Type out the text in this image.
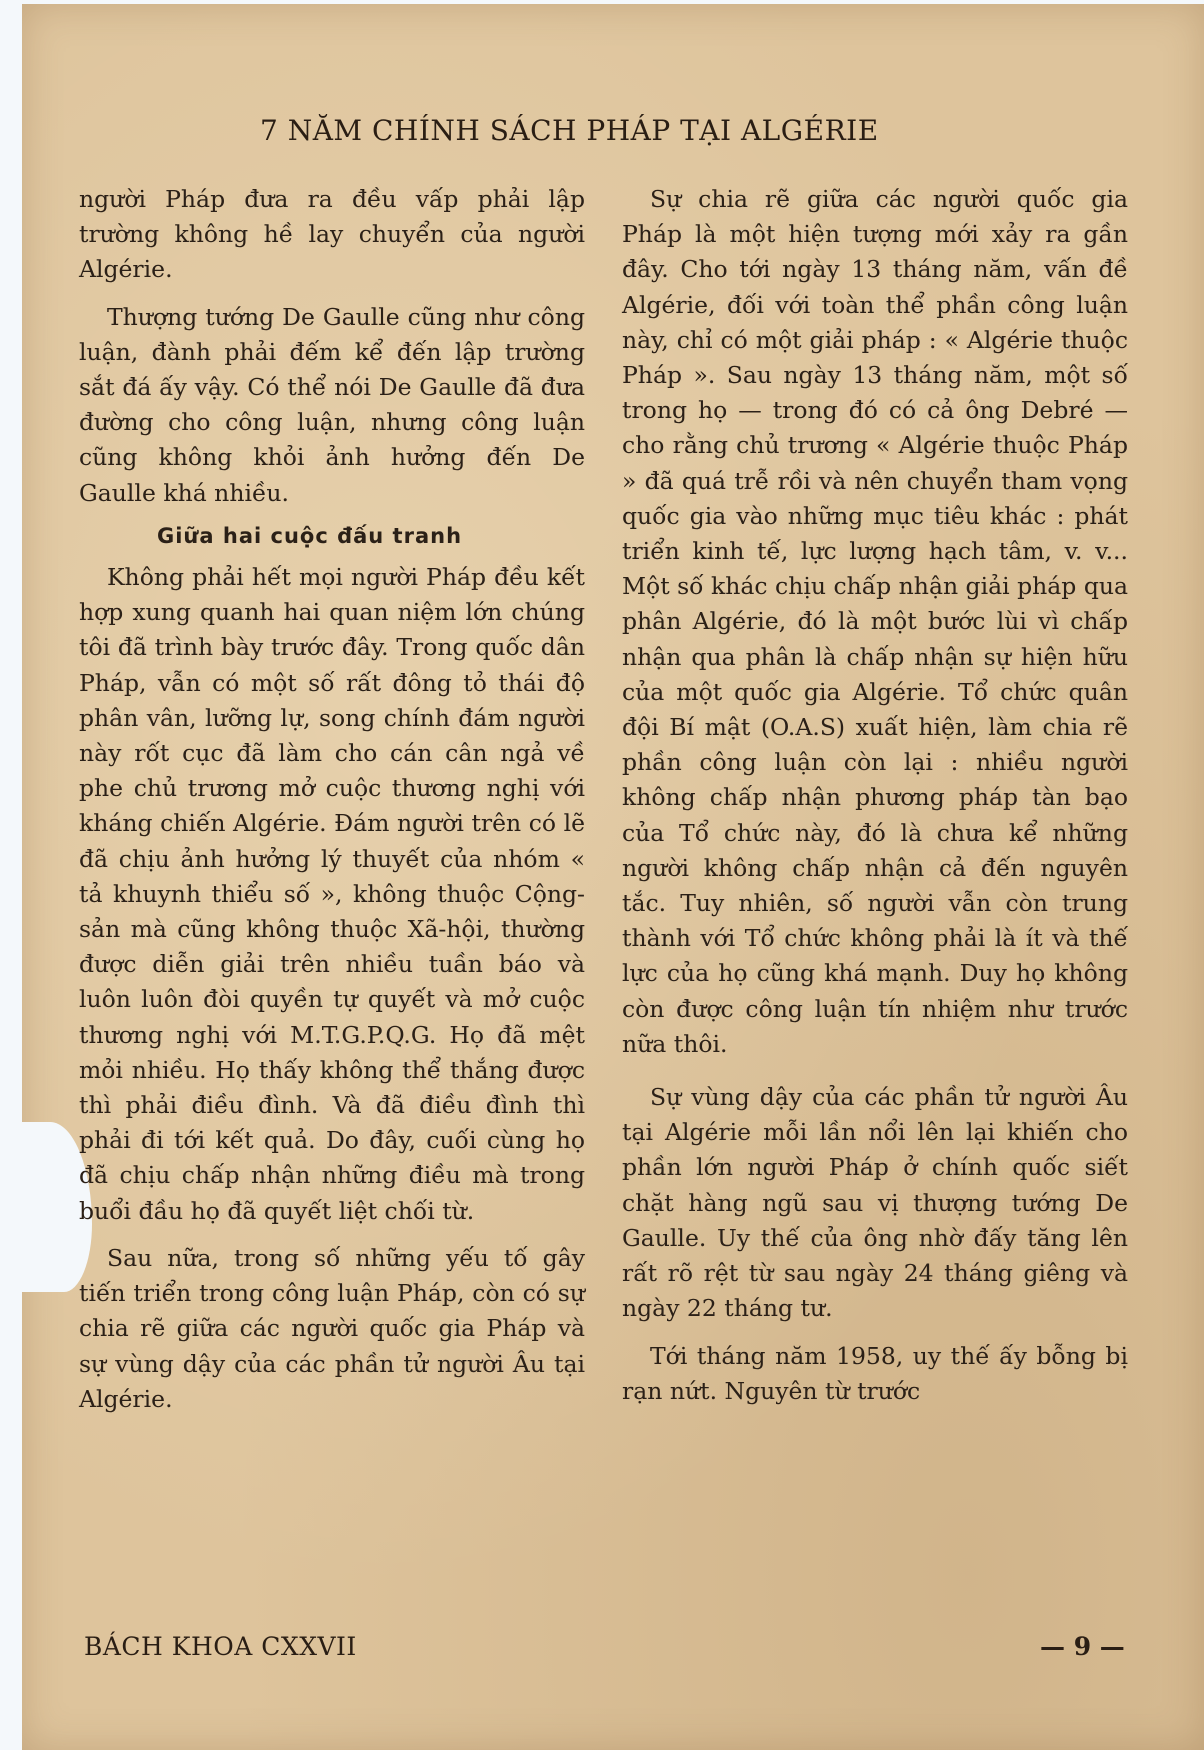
7 NĂM CHÍNH SÁCH PHÁP TẠI ALGÉRIE

người Pháp đưa ra đều vấp phải lập trường không hề lay chuyển của người Algérie.

Thượng tướng De Gaulle cũng như công luận, đành phải đếm kể đến lập trường sắt đá ấy vậy. Có thể nói De Gaulle đã đưa đường cho công luận, nhưng công luận cũng không khỏi ảnh hưởng đến De Gaulle khá nhiều.

Giữa hai cuộc đấu tranh

Không phải hết mọi người Pháp đều kết hợp xung quanh hai quan niệm lớn chúng tôi đã trình bày trước đây. Trong quốc dân Pháp, vẫn có một số rất đông tỏ thái độ phân vân, lưỡng lự, song chính đám người này rốt cục đã làm cho cán cân ngả về phe chủ trương mở cuộc thương nghị với kháng chiến Algérie. Đám người trên có lẽ đã chịu ảnh hưởng lý thuyết của nhóm « tả khuynh thiểu số », không thuộc Cộng-sản mà cũng không thuộc Xã-hội, thường được diễn giải trên nhiều tuần báo và luôn luôn đòi quyền tự quyết và mở cuộc thương nghị với M.T.G.P.Q.G. Họ đã mệt mỏi nhiều. Họ thấy không thể thắng được thì phải điều đình. Và đã điều đình thì phải đi tới kết quả. Do đây, cuối cùng họ đã chịu chấp nhận những điều mà trong buổi đầu họ đã quyết liệt chối từ.

Sau nữa, trong số những yếu tố gây tiến triển trong công luận Pháp, còn có sự chia rẽ giữa các người quốc gia Pháp và sự vùng dậy của các phần tử người Âu tại Algérie.

Sự chia rẽ giữa các người quốc gia Pháp là một hiện tượng mới xảy ra gần đây. Cho tới ngày 13 tháng năm, vấn đề Algérie, đối với toàn thể phần công luận này, chỉ có một giải pháp : « Algérie thuộc Pháp ». Sau ngày 13 tháng năm, một số trong họ — trong đó có cả ông Debré — cho rằng chủ trương « Algérie thuộc Pháp » đã quá trễ rồi và nên chuyển tham vọng quốc gia vào những mục tiêu khác : phát triển kinh tế, lực lượng hạch tâm, v. v... Một số khác chịu chấp nhận giải pháp qua phân Algérie, đó là một bước lùi vì chấp nhận qua phân là chấp nhận sự hiện hữu của một quốc gia Algérie. Tổ chức quân đội Bí mật (O.A.S) xuất hiện, làm chia rẽ phần công luận còn lại : nhiều người không chấp nhận phương pháp tàn bạo của Tổ chức này, đó là chưa kể những người không chấp nhận cả đến nguyên tắc. Tuy nhiên, số người vẫn còn trung thành với Tổ chức không phải là ít và thế lực của họ cũng khá mạnh. Duy họ không còn được công luận tín nhiệm như trước nữa thôi.

Sự vùng dậy của các phần tử người Âu tại Algérie mỗi lần nổi lên lại khiến cho phần lớn người Pháp ở chính quốc siết chặt hàng ngũ sau vị thượng tướng De Gaulle. Uy thế của ông nhờ đấy tăng lên rất rõ rệt từ sau ngày 24 tháng giêng và ngày 22 tháng tư.

Tới tháng năm 1958, uy thế ấy bỗng bị rạn nứt. Nguyên từ trước

BÁCH KHOA CXXVII	— 9 —
